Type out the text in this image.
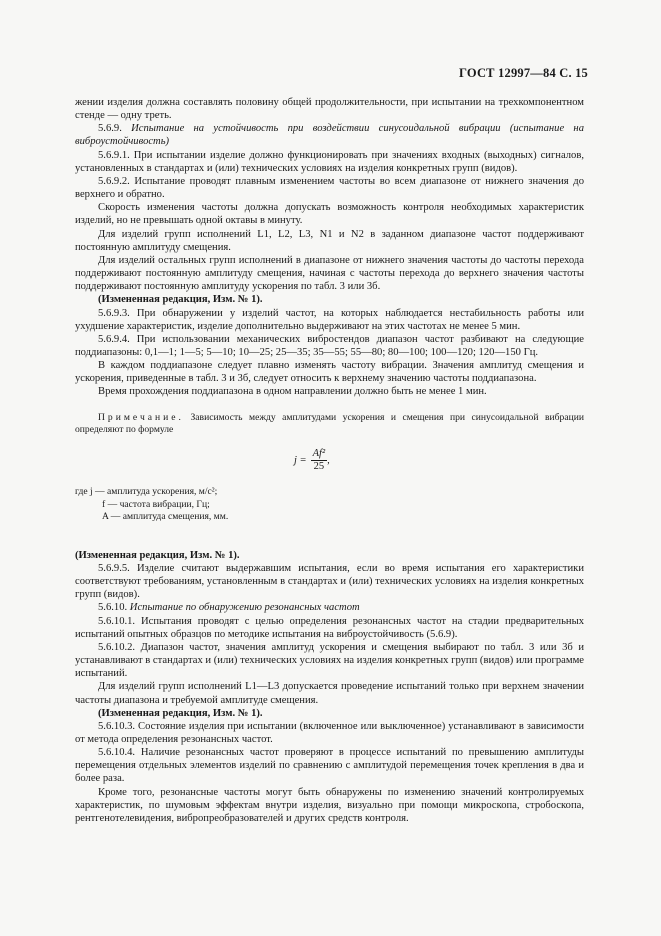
ГОСТ 12997—84 С. 15

жении изделия должна составлять половину общей продолжительности, при испытании на трехкомпонентном стенде — одну треть.

5.6.9. Испытание на устойчивость при воздействии синусоидальной вибрации (испытание на виброустойчивость)

5.6.9.1. При испытании изделие должно функционировать при значениях входных (выходных) сигналов, установленных в стандартах и (или) технических условиях на изделия конкретных групп (видов).

5.6.9.2. Испытание проводят плавным изменением частоты во всем диапазоне от нижнего значения до верхнего и обратно.

Скорость изменения частоты должна допускать возможность контроля необходимых характеристик изделий, но не превышать одной октавы в минуту.

Для изделий групп исполнений L1, L2, L3, N1 и N2 в заданном диапазоне частот поддерживают постоянную амплитуду смещения.

Для изделий остальных групп исполнений в диапазоне от нижнего значения частоты до частоты перехода поддерживают постоянную амплитуду смещения, начиная с частоты перехода до верхнего значения частоты поддерживают постоянную амплитуду ускорения по табл. 3 или 3б.

(Измененная редакция, Изм. № 1).

5.6.9.3. При обнаружении у изделий частот, на которых наблюдается нестабильность работы или ухудшение характеристик, изделие дополнительно выдерживают на этих частотах не менее 5 мин.

5.6.9.4. При использовании механических вибростендов диапазон частот разбивают на следующие поддиапазоны: 0,1—1; 1—5; 5—10; 10—25; 25—35; 35—55; 55—80; 80—100; 100—120; 120—150 Гц.

В каждом поддиапазоне следует плавно изменять частоту вибрации. Значения амплитуд смещения и ускорения, приведенные в табл. 3 и 3б, следует относить к верхнему значению частоты поддиапазона.

Время прохождения поддиапазона в одном направлении должно быть не менее 1 мин.

Примечание. Зависимость между амплитудами ускорения и смещения при синусоидальной вибрации определяют по формуле

$j = \frac{\text{Af²}}{25}$ ,
где j — амплитуда ускорения, м/с²;
f — частота вибрации, Гц;
A — амплитуда смещения, мм.

(Измененная редакция, Изм. № 1).

5.6.9.5. Изделие считают выдержавшим испытания, если во время испытания его характеристики соответствуют требованиям, установленным в стандартах и (или) технических условиях на изделия конкретных групп (видов).

5.6.10. Испытание по обнаружению резонансных частот

5.6.10.1. Испытания проводят с целью определения резонансных частот на стадии предварительных испытаний опытных образцов по методике испытания на виброустойчивость (5.6.9).

5.6.10.2. Диапазон частот, значения амплитуд ускорения и смещения выбирают по табл. 3 или 3б и устанавливают в стандартах и (или) технических условиях на изделия конкретных групп (видов) или программе испытаний.

Для изделий групп исполнений L1—L3 допускается проведение испытаний только при верхнем значении частоты диапазона и требуемой амплитуде смещения.

(Измененная редакция, Изм. № 1).

5.6.10.3. Состояние изделия при испытании (включенное или выключенное) устанавливают в зависимости от метода определения резонансных частот.

5.6.10.4. Наличие резонансных частот проверяют в процессе испытаний по превышению амплитуды перемещения отдельных элементов изделий по сравнению с амплитудой перемещения точек крепления в два и более раза.

Кроме того, резонансные частоты могут быть обнаружены по изменению значений контролируемых характеристик, по шумовым эффектам внутри изделия, визуально при помощи микроскопа, стробоскопа, рентгенотелевидения, вибропреобразователей и других средств контроля.
